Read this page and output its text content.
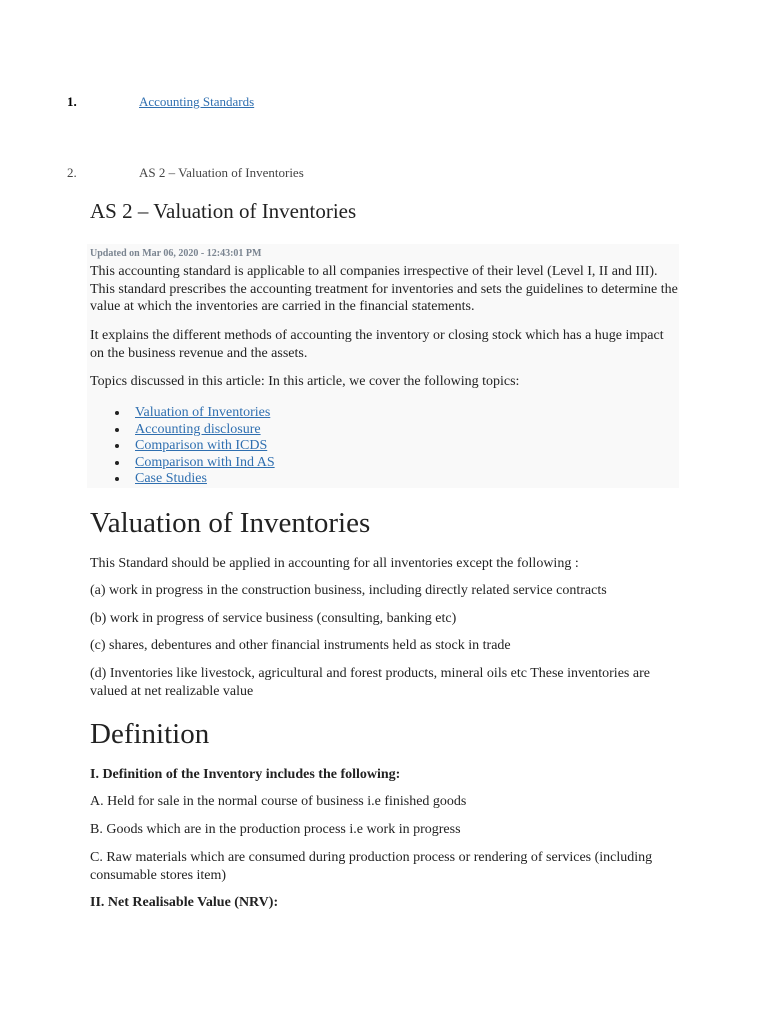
1.	Accounting Standards
2.	AS 2 – Valuation of Inventories
AS 2 – Valuation of Inventories
Updated on Mar 06, 2020 - 12:43:01 PM

This accounting standard is applicable to all companies irrespective of their level (Level I, II and III). This standard prescribes the accounting treatment for inventories and sets the guidelines to determine the value at which the inventories are carried in the financial statements.

It explains the different methods of accounting the inventory or closing stock which has a huge impact on the business revenue and the assets.

Topics discussed in this article: In this article, we cover the following topics:

Valuation of Inventories
Accounting disclosure
Comparison with ICDS
Comparison with Ind AS
Case Studies
Valuation of Inventories

This Standard should be applied in accounting for all inventories except the following :

(a) work in progress in the construction business, including directly related service contracts

(b) work in progress of service business (consulting, banking etc)

(c) shares, debentures and other financial instruments held as stock in trade

(d) Inventories like livestock, agricultural and forest products, mineral oils etc These inventories are valued at net realizable value

Definition

I. Definition of the Inventory includes the following:

A. Held for sale in the normal course of business i.e finished goods

B. Goods which are in the production process i.e work in progress

C. Raw materials which are consumed during production process or rendering of services (including consumable stores item)

II. Net Realisable Value (NRV):
